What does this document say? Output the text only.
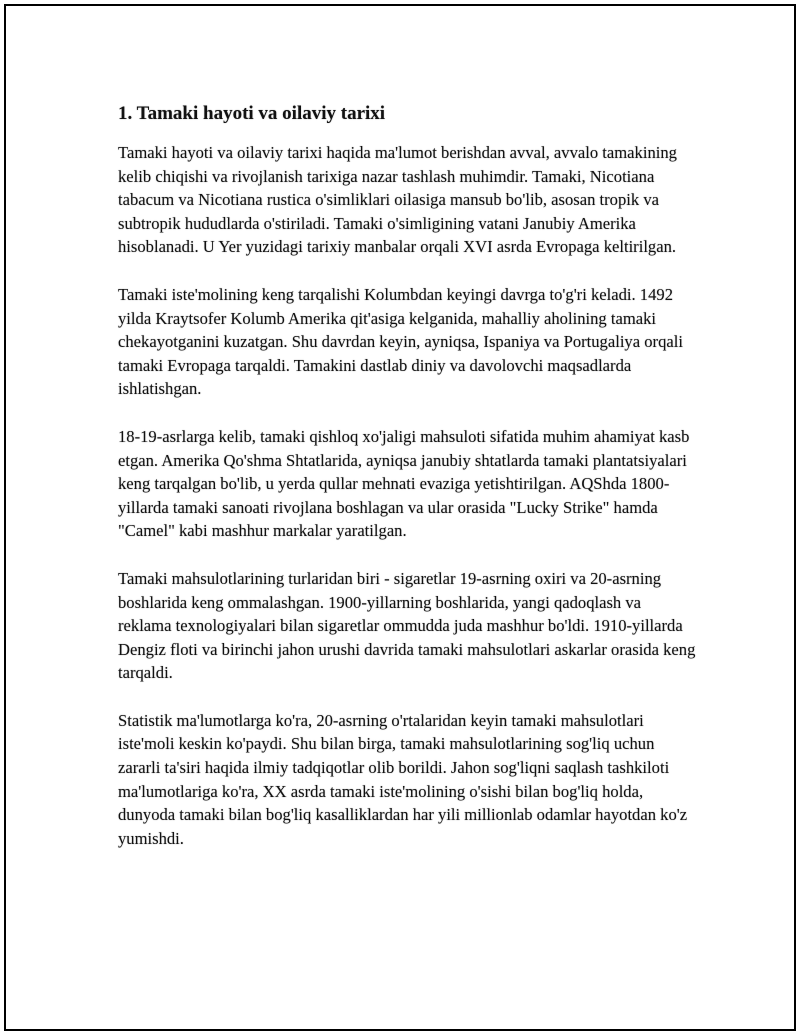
1. Tamaki hayoti va oilaviy tarixi

Tamaki hayoti va oilaviy tarixi haqida ma'lumot berishdan avval, avvalo tamakining kelib chiqishi va rivojlanish tarixiga nazar tashlash muhimdir. Tamaki, Nicotiana tabacum va Nicotiana rustica o'simliklari oilasiga mansub bo'lib, asosan tropik va subtropik hududlarda o'stiriladi. Tamaki o'simligining vatani Janubiy Amerika hisoblanadi. U Yer yuzidagi tarixiy manbalar orqali XVI asrda Evropaga keltirilgan.

Tamaki iste'molining keng tarqalishi Kolumbdan keyingi davrga to'g'ri keladi. 1492 yilda Kraytsofer Kolumb Amerika qit'asiga kelganida, mahalliy aholining tamaki chekayotganini kuzatgan. Shu davrdan keyin, ayniqsa, Ispaniya va Portugaliya orqali tamaki Evropaga tarqaldi. Tamakini dastlab diniy va davolovchi maqsadlarda ishlatishgan.

18-19-asrlarga kelib, tamaki qishloq xo'jaligi mahsuloti sifatida muhim ahamiyat kasb etgan. Amerika Qo'shma Shtatlarida, ayniqsa janubiy shtatlarda tamaki plantatsiyalari keng tarqalgan bo'lib, u yerda qullar mehnati evaziga yetishtirilgan. AQShda 1800-yillarda tamaki sanoati rivojlana boshlagan va ular orasida "Lucky Strike" hamda "Camel" kabi mashhur markalar yaratilgan.

Tamaki mahsulotlarining turlaridan biri - sigaretlar 19-asrning oxiri va 20-asrning boshlarida keng ommalashgan. 1900-yillarning boshlarida, yangi qadoqlash va reklama texnologiyalari bilan sigaretlar ommudda juda mashhur bo'ldi. 1910-yillarda Dengiz floti va birinchi jahon urushi davrida tamaki mahsulotlari askarlar orasida keng tarqaldi.

Statistik ma'lumotlarga ko'ra, 20-asrning o'rtalaridan keyin tamaki mahsulotlari iste'moli keskin ko'paydi. Shu bilan birga, tamaki mahsulotlarining sog'liq uchun zararli ta'siri haqida ilmiy tadqiqotlar olib borildi. Jahon sog'liqni saqlash tashkiloti ma'lumotlariga ko'ra, XX asrda tamaki iste'molining o'sishi bilan bog'liq holda, dunyoda tamaki bilan bog'liq kasalliklardan har yili millionlab odamlar hayotdan ko'z yumishdi.
